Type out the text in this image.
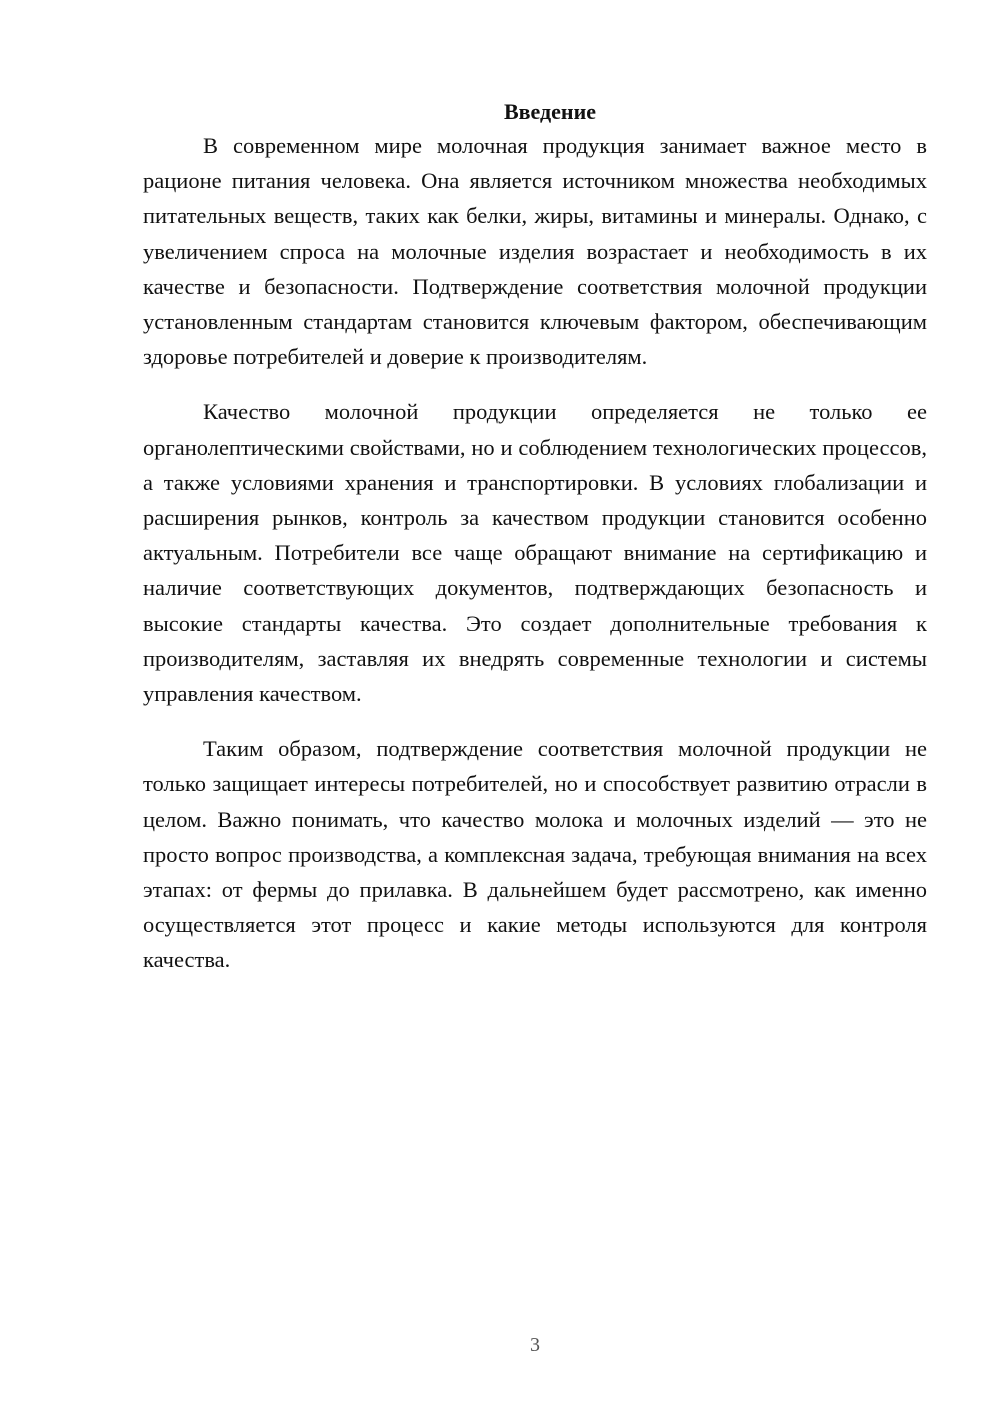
Введение

В современном мире молочная продукция занимает важное место в рационе питания человека. Она является источником множества необходимых питательных веществ, таких как белки, жиры, витамины и минералы. Однако, с увеличением спроса на молочные изделия возрастает и необходимость в их качестве и безопасности. Подтверждение соответствия молочной продукции установленным стандартам становится ключевым фактором, обеспечивающим здоровье потребителей и доверие к производителям.

Качество молочной продукции определяется не только ее органолептическими свойствами, но и соблюдением технологических процессов, а также условиями хранения и транспортировки. В условиях глобализации и расширения рынков, контроль за качеством продукции становится особенно актуальным. Потребители все чаще обращают внимание на сертификацию и наличие соответствующих документов, подтверждающих безопасность и высокие стандарты качества. Это создает дополнительные требования к производителям, заставляя их внедрять современные технологии и системы управления качеством.

Таким образом, подтверждение соответствия молочной продукции не только защищает интересы потребителей, но и способствует развитию отрасли в целом. Важно понимать, что качество молока и молочных изделий — это не просто вопрос производства, а комплексная задача, требующая внимания на всех этапах: от фермы до прилавка. В дальнейшем будет рассмотрено, как именно осуществляется этот процесс и какие методы используются для контроля качества.

3
